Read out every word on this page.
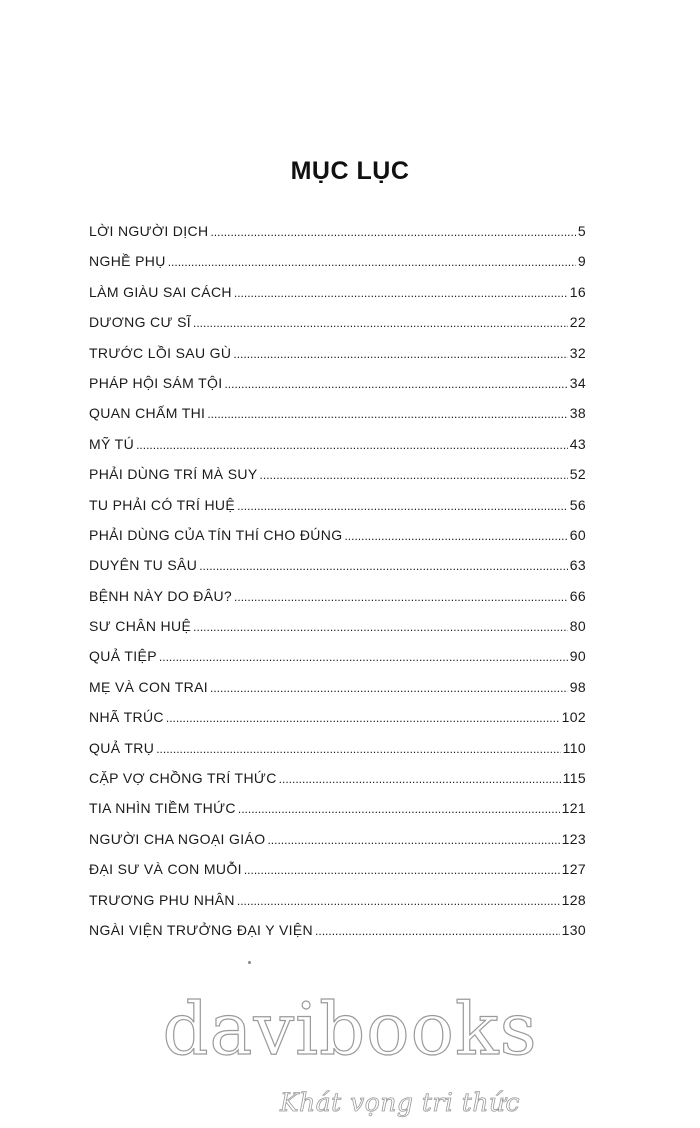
MỤC LỤC
LỜI NGƯỜI DỊCH .....	5
NGHỀ PHỤ .....	9
LÀM GIÀU SAI CÁCH .....	16
DƯƠNG CƯ SĨ .....	22
TRƯỚC LỒI SAU GÙ .....	32
PHÁP HỘI SÁM TỘI .....	34
QUAN CHẤM THI .....	38
MỸ TÚ .....	43
PHẢI DÙNG TRÍ MÀ SUY .....	52
TU PHẢI CÓ TRÍ HUỆ .....	56
PHẢI DÙNG CỦA TÍN THÍ CHO ĐÚNG .....	60
DUYÊN TU SÂU .....	63
BỆNH NÀY DO ĐÂU? .....	66
SƯ CHÂN HUỆ .....	80
QUẢ TIỆP .....	90
MẸ VÀ CON TRAI .....	98
NHÃ TRÚC .....	102
QUẢ TRỤ .....	110
CẶP VỢ CHỒNG TRÍ THỨC .....	115
TIA NHÌN TIỀM THỨC .....	121
NGƯỜI CHA NGOẠI GIÁO .....	123
ĐẠI SƯ VÀ CON MUỖI .....	127
TRƯƠNG PHU NHÂN .....	128
NGÀI VIỆN TRƯỞNG ĐẠI Y VIỆN .....	130
davibooks
Khát vọng tri thức
